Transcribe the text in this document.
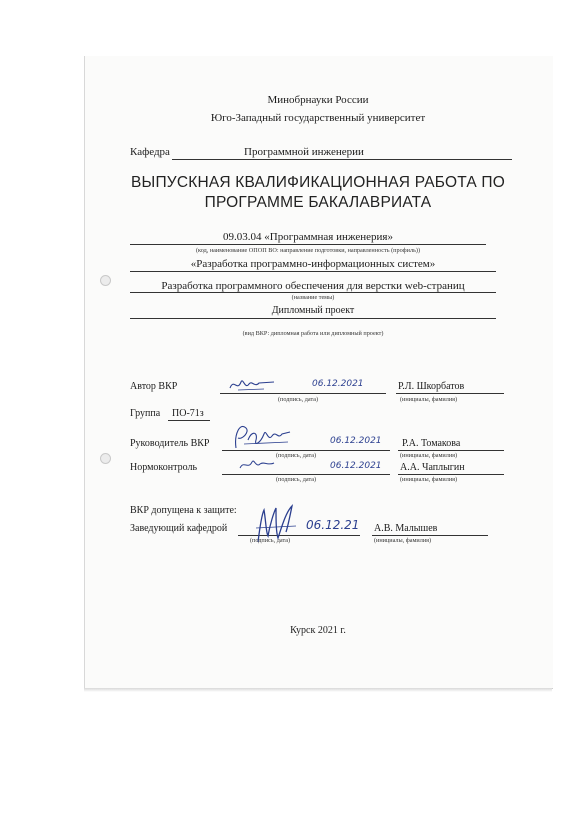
Минобрнауки России
Юго-Западный государственный университет
Кафедра	Программной инженерии
ВЫПУСКНАЯ КВАЛИФИКАЦИОННАЯ РАБОТА ПО
ПРОГРАММЕ БАКАЛАВРИАТА
09.03.04 «Программная инженерия»
(код, наименование ОПОП ВО: направление подготовки, направленность (профиль))
«Разработка программно-информационных систем»
Разработка программного обеспечения для верстки web-страниц
(название темы)
Дипломный проект
(вид ВКР: дипломная работа или дипломный проект)
Автор ВКР	06.12.2021	Р.Л. Шкорбатов
(подпись, дата)	(инициалы, фамилия)
Группа ПО-71з
Руководитель ВКР	06.12.2021 Р.А. Томакова
(подпись, дата)	(инициалы, фамилия)
Нормоконтроль	06.12.2021 А.А. Чаплыгин
(подпись, дата)	(инициалы, фамилия)
ВКР допущена к защите:
Заведующий кафедрой	06.12.21 А.В. Малышев
(подпись, дата)	(инициалы, фамилия)
Курск 2021 г.
